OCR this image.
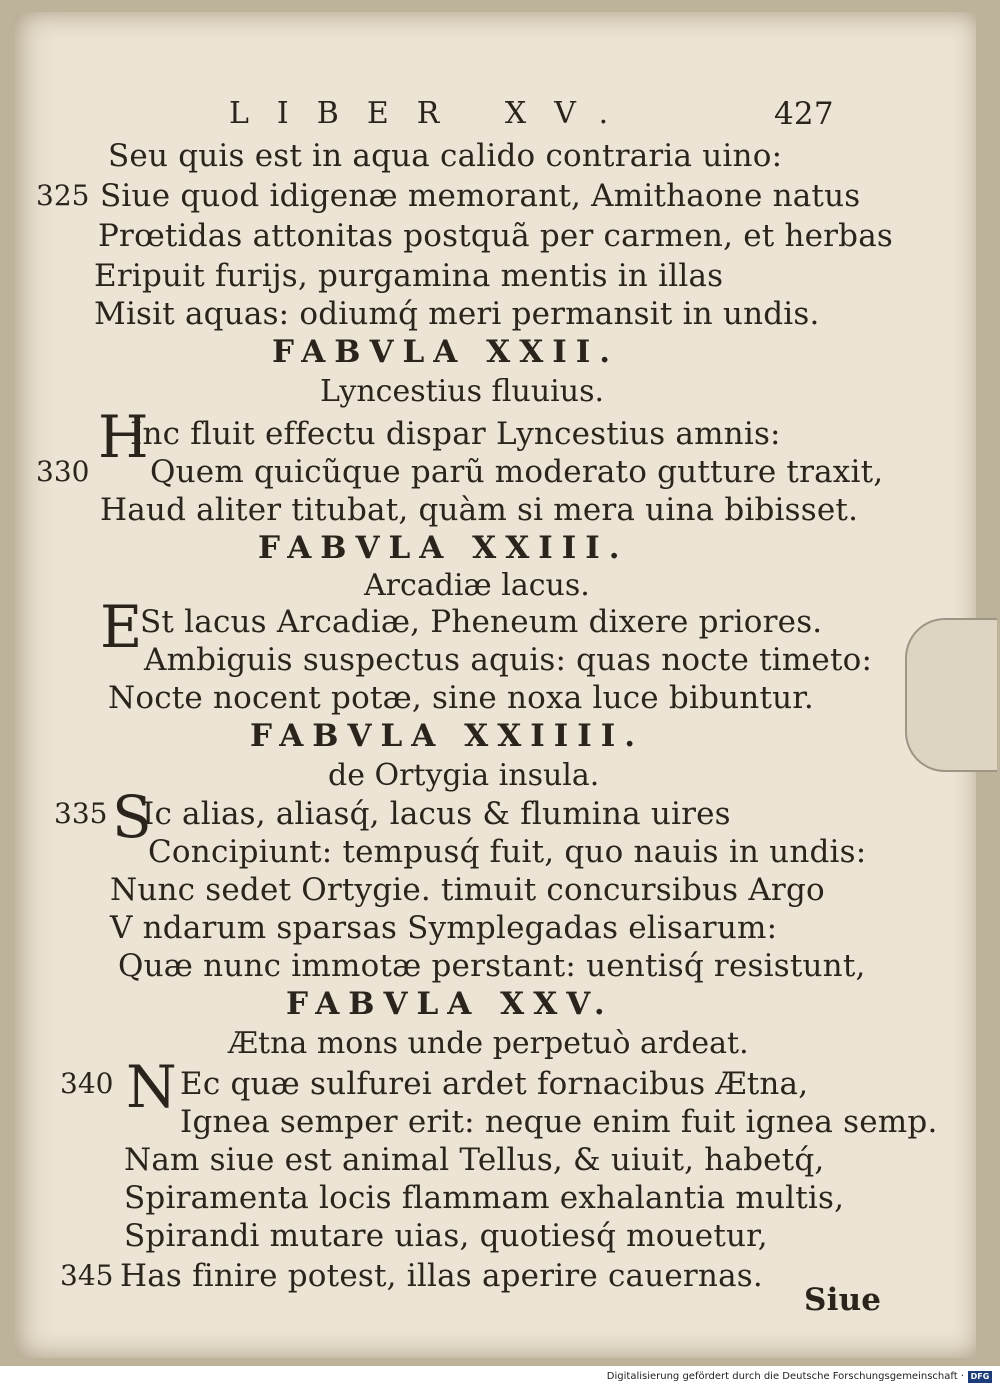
LIBER XV.	427
Seu quis est in aqua calido contraria uino:
325 Siue quod idigenæ memorant, Amithaone natus
Prœtidas attonitas postquã per carmen, et herbas
Eripuit furijs, purgamina mentis in illas
Misit aquas: odiumq́ meri permansit in undis.
FABVLA XXII.
Lyncestius fluuius.
H
Inc fluit effectu dispar Lyncestius amnis:
330 Quem quicũque parũ moderato gutture traxit,
Haud aliter titubat, quàm si mera uina bibisset.
FABVLA XXIII.
Arcadiæ lacus.
E
St lacus Arcadiæ, Pheneum dixere priores.
Ambiguis suspectus aquis: quas nocte timeto:
Nocte nocent potæ, sine noxa luce bibuntur.
FABVLA XXIIII.
de Ortygia insula.
335 S
Ic alias, aliasq́, lacus & flumina uires
Concipiunt: tempusq́ fuit, quo nauis in undis:
Nunc sedet Ortygie. timuit concursibus Argo
V ndarum sparsas Symplegadas elisarum:
Quæ nunc immotæ perstant: uentisq́ resistunt,
FABVLA XXV.
Ætna mons unde perpetuò ardeat.
340 N Ec quæ sulfurei ardet fornacibus Ætna,
Ignea semper erit: neque enim fuit ignea semp.
Nam siue est animal Tellus, & uiuit, habetq́,
Spiramenta locis flammam exhalantia multis,
Spirandi mutare uias, quotiesq́ mouetur,
345 Has finire potest, illas aperire cauernas.
Siue
Digitalisierung gefördert durch die Deutsche Forschungsgemeinschaft · DFG
